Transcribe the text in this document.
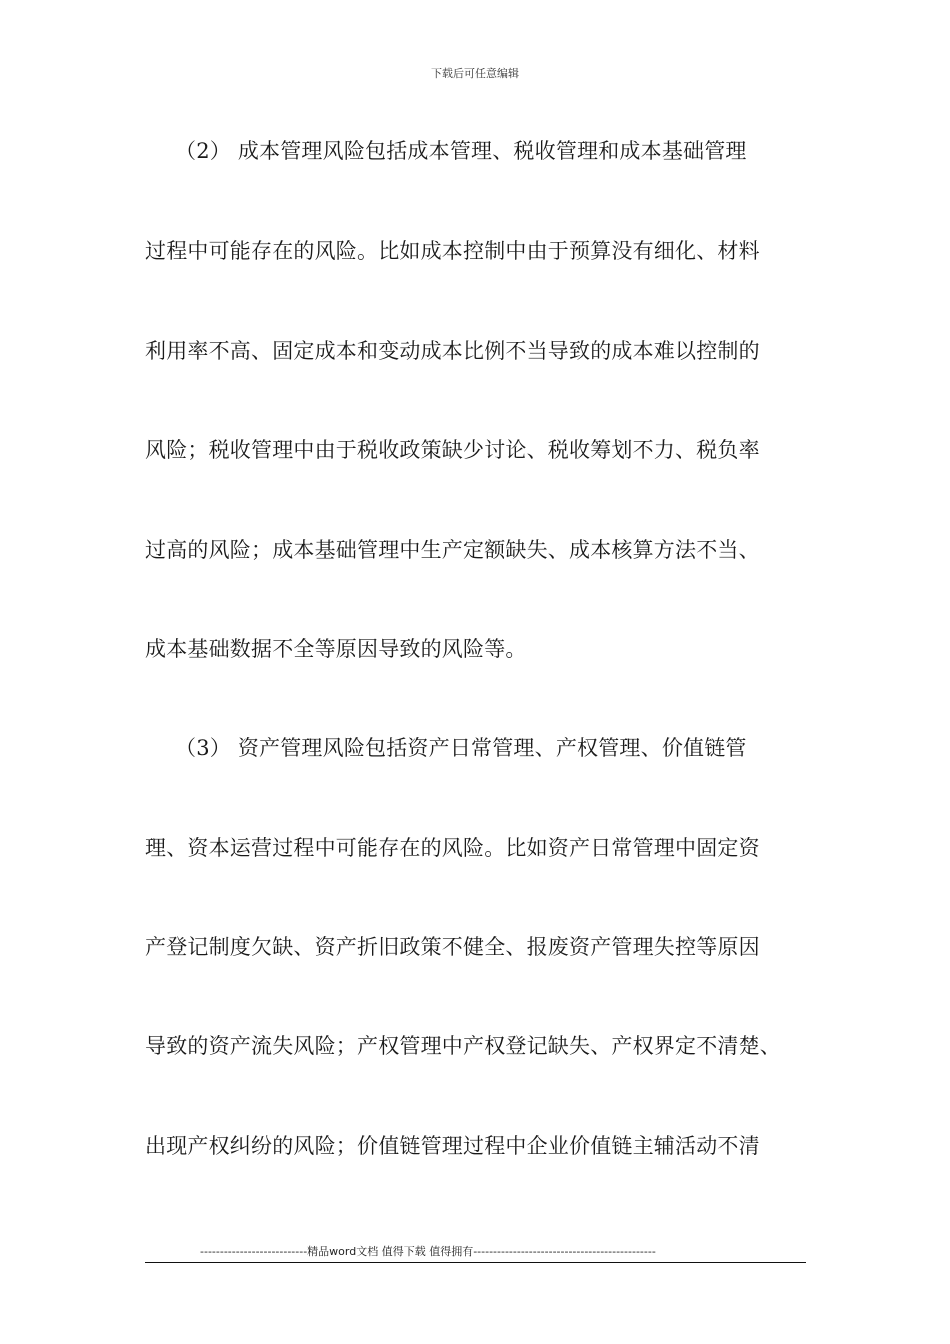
下载后可任意编辑
（2） 成本管理风险包括成本管理、税收管理和成本基础管理
过程中可能存在的风险。比如成本控制中由于预算没有细化、材料
利用率不高、固定成本和变动成本比例不当导致的成本难以控制的
风险；税收管理中由于税收政策缺少讨论、税收筹划不力、税负率
过高的风险；成本基础管理中生产定额缺失、成本核算方法不当、
成本基础数据不全等原因导致的风险等。
（3） 资产管理风险包括资产日常管理、产权管理、价值链管
理、资本运营过程中可能存在的风险。比如资产日常管理中固定资
产登记制度欠缺、资产折旧政策不健全、报废资产管理失控等原因
导致的资产流失风险；产权管理中产权登记缺失、产权界定不清楚、
出现产权纠纷的风险；价值链管理过程中企业价值链主辅活动不清
---------------------------精品word文档 值得下载 值得拥有----------------------------------------------
